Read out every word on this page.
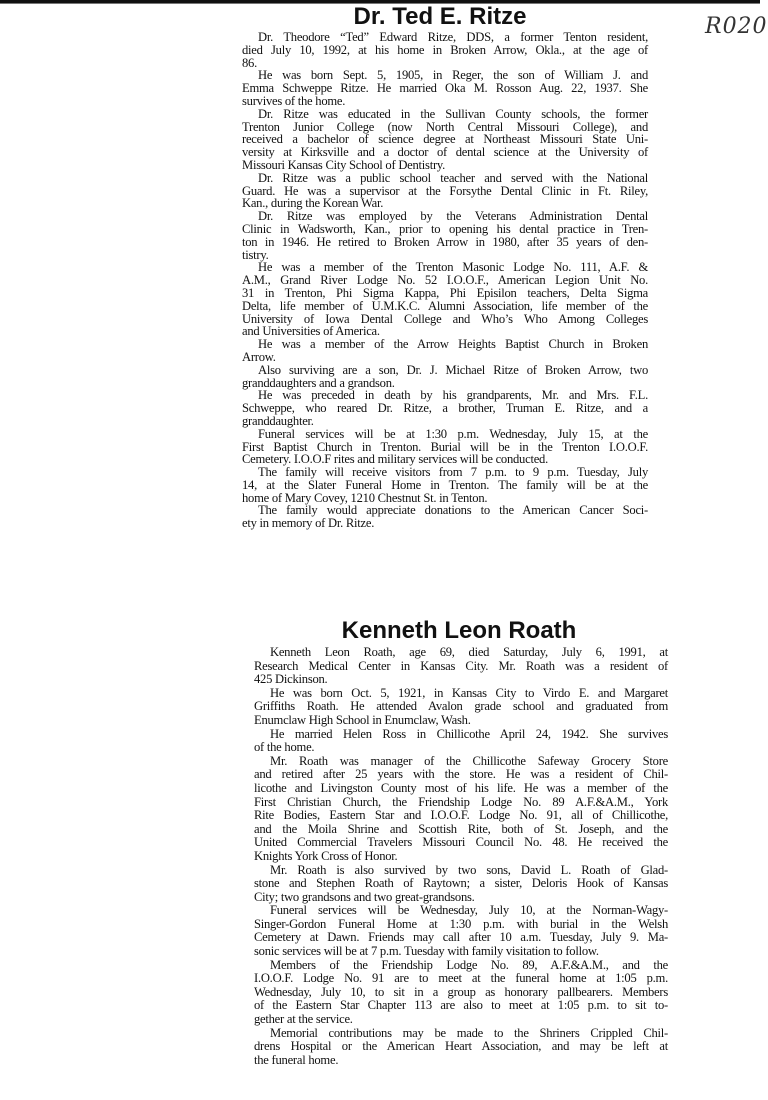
R020
Dr. Ted E. Ritze
Dr. Theodore “Ted” Edward Ritze, DDS, a former Tenton resident,
died July 10, 1992, at his home in Broken Arrow, Okla., at the age of
86.
He was born Sept. 5, 1905, in Reger, the son of William J. and
Emma Schweppe Ritze. He married Oka M. Rosson Aug. 22, 1937. She
survives of the home.
Dr. Ritze was educated in the Sullivan County schools, the former
Trenton Junior College (now North Central Missouri College), and
received a bachelor of science degree at Northeast Missouri State Uni-
versity at Kirksville and a doctor of dental science at the University of
Missouri Kansas City School of Dentistry.
Dr. Ritze was a public school teacher and served with the National
Guard. He was a supervisor at the Forsythe Dental Clinic in Ft. Riley,
Kan., during the Korean War.
Dr. Ritze was employed by the Veterans Administration Dental
Clinic in Wadsworth, Kan., prior to opening his dental practice in Tren-
ton in 1946. He retired to Broken Arrow in 1980, after 35 years of den-
tistry.
He was a member of the Trenton Masonic Lodge No. 111, A.F. &
A.M., Grand River Lodge No. 52 I.O.O.F., American Legion Unit No.
31 in Trenton, Phi Sigma Kappa, Phi Episilon teachers, Delta Sigma
Delta, life member of U.M.K.C. Alumni Association, life member of the
University of Iowa Dental College and Who’s Who Among Colleges
and Universities of America.
He was a member of the Arrow Heights Baptist Church in Broken
Arrow.
Also surviving are a son, Dr. J. Michael Ritze of Broken Arrow, two
granddaughters and a grandson.
He was preceded in death by his grandparents, Mr. and Mrs. F.L.
Schweppe, who reared Dr. Ritze, a brother, Truman E. Ritze, and a
granddaughter.
Funeral services will be at 1:30 p.m. Wednesday, July 15, at the
First Baptist Church in Trenton. Burial will be in the Trenton I.O.O.F.
Cemetery. I.O.O.F rites and military services will be conducted.
The family will receive visitors from 7 p.m. to 9 p.m. Tuesday, July
14, at the Slater Funeral Home in Trenton. The family will be at the
home of Mary Covey, 1210 Chestnut St. in Tenton.
The family would appreciate donations to the American Cancer Soci-
ety in memory of Dr. Ritze.
Kenneth Leon Roath
Kenneth Leon Roath, age 69, died Saturday, July 6, 1991, at
Research Medical Center in Kansas City. Mr. Roath was a resident of
425 Dickinson.
He was born Oct. 5, 1921, in Kansas City to Virdo E. and Margaret
Griffiths Roath. He attended Avalon grade school and graduated from
Enumclaw High School in Enumclaw, Wash.
He married Helen Ross in Chillicothe April 24, 1942. She survives
of the home.
Mr. Roath was manager of the Chillicothe Safeway Grocery Store
and retired after 25 years with the store. He was a resident of Chil-
licothe and Livingston County most of his life. He was a member of the
First Christian Church, the Friendship Lodge No. 89 A.F.&A.M., York
Rite Bodies, Eastern Star and I.O.O.F. Lodge No. 91, all of Chillicothe,
and the Moila Shrine and Scottish Rite, both of St. Joseph, and the
United Commercial Travelers Missouri Council No. 48. He received the
Knights York Cross of Honor.
Mr. Roath is also survived by two sons, David L. Roath of Glad-
stone and Stephen Roath of Raytown; a sister, Deloris Hook of Kansas
City; two grandsons and two great-grandsons.
Funeral services will be Wednesday, July 10, at the Norman-Wagy-
Singer-Gordon Funeral Home at 1:30 p.m. with burial in the Welsh
Cemetery at Dawn. Friends may call after 10 a.m. Tuesday, July 9. Ma-
sonic services will be at 7 p.m. Tuesday with family visitation to follow.
Members of the Friendship Lodge No. 89, A.F.&A.M., and the
I.O.O.F. Lodge No. 91 are to meet at the funeral home at 1:05 p.m.
Wednesday, July 10, to sit in a group as honorary pallbearers. Members
of the Eastern Star Chapter 113 are also to meet at 1:05 p.m. to sit to-
gether at the service.
Memorial contributions may be made to the Shriners Crippled Chil-
drens Hospital or the American Heart Association, and may be left at
the funeral home.
